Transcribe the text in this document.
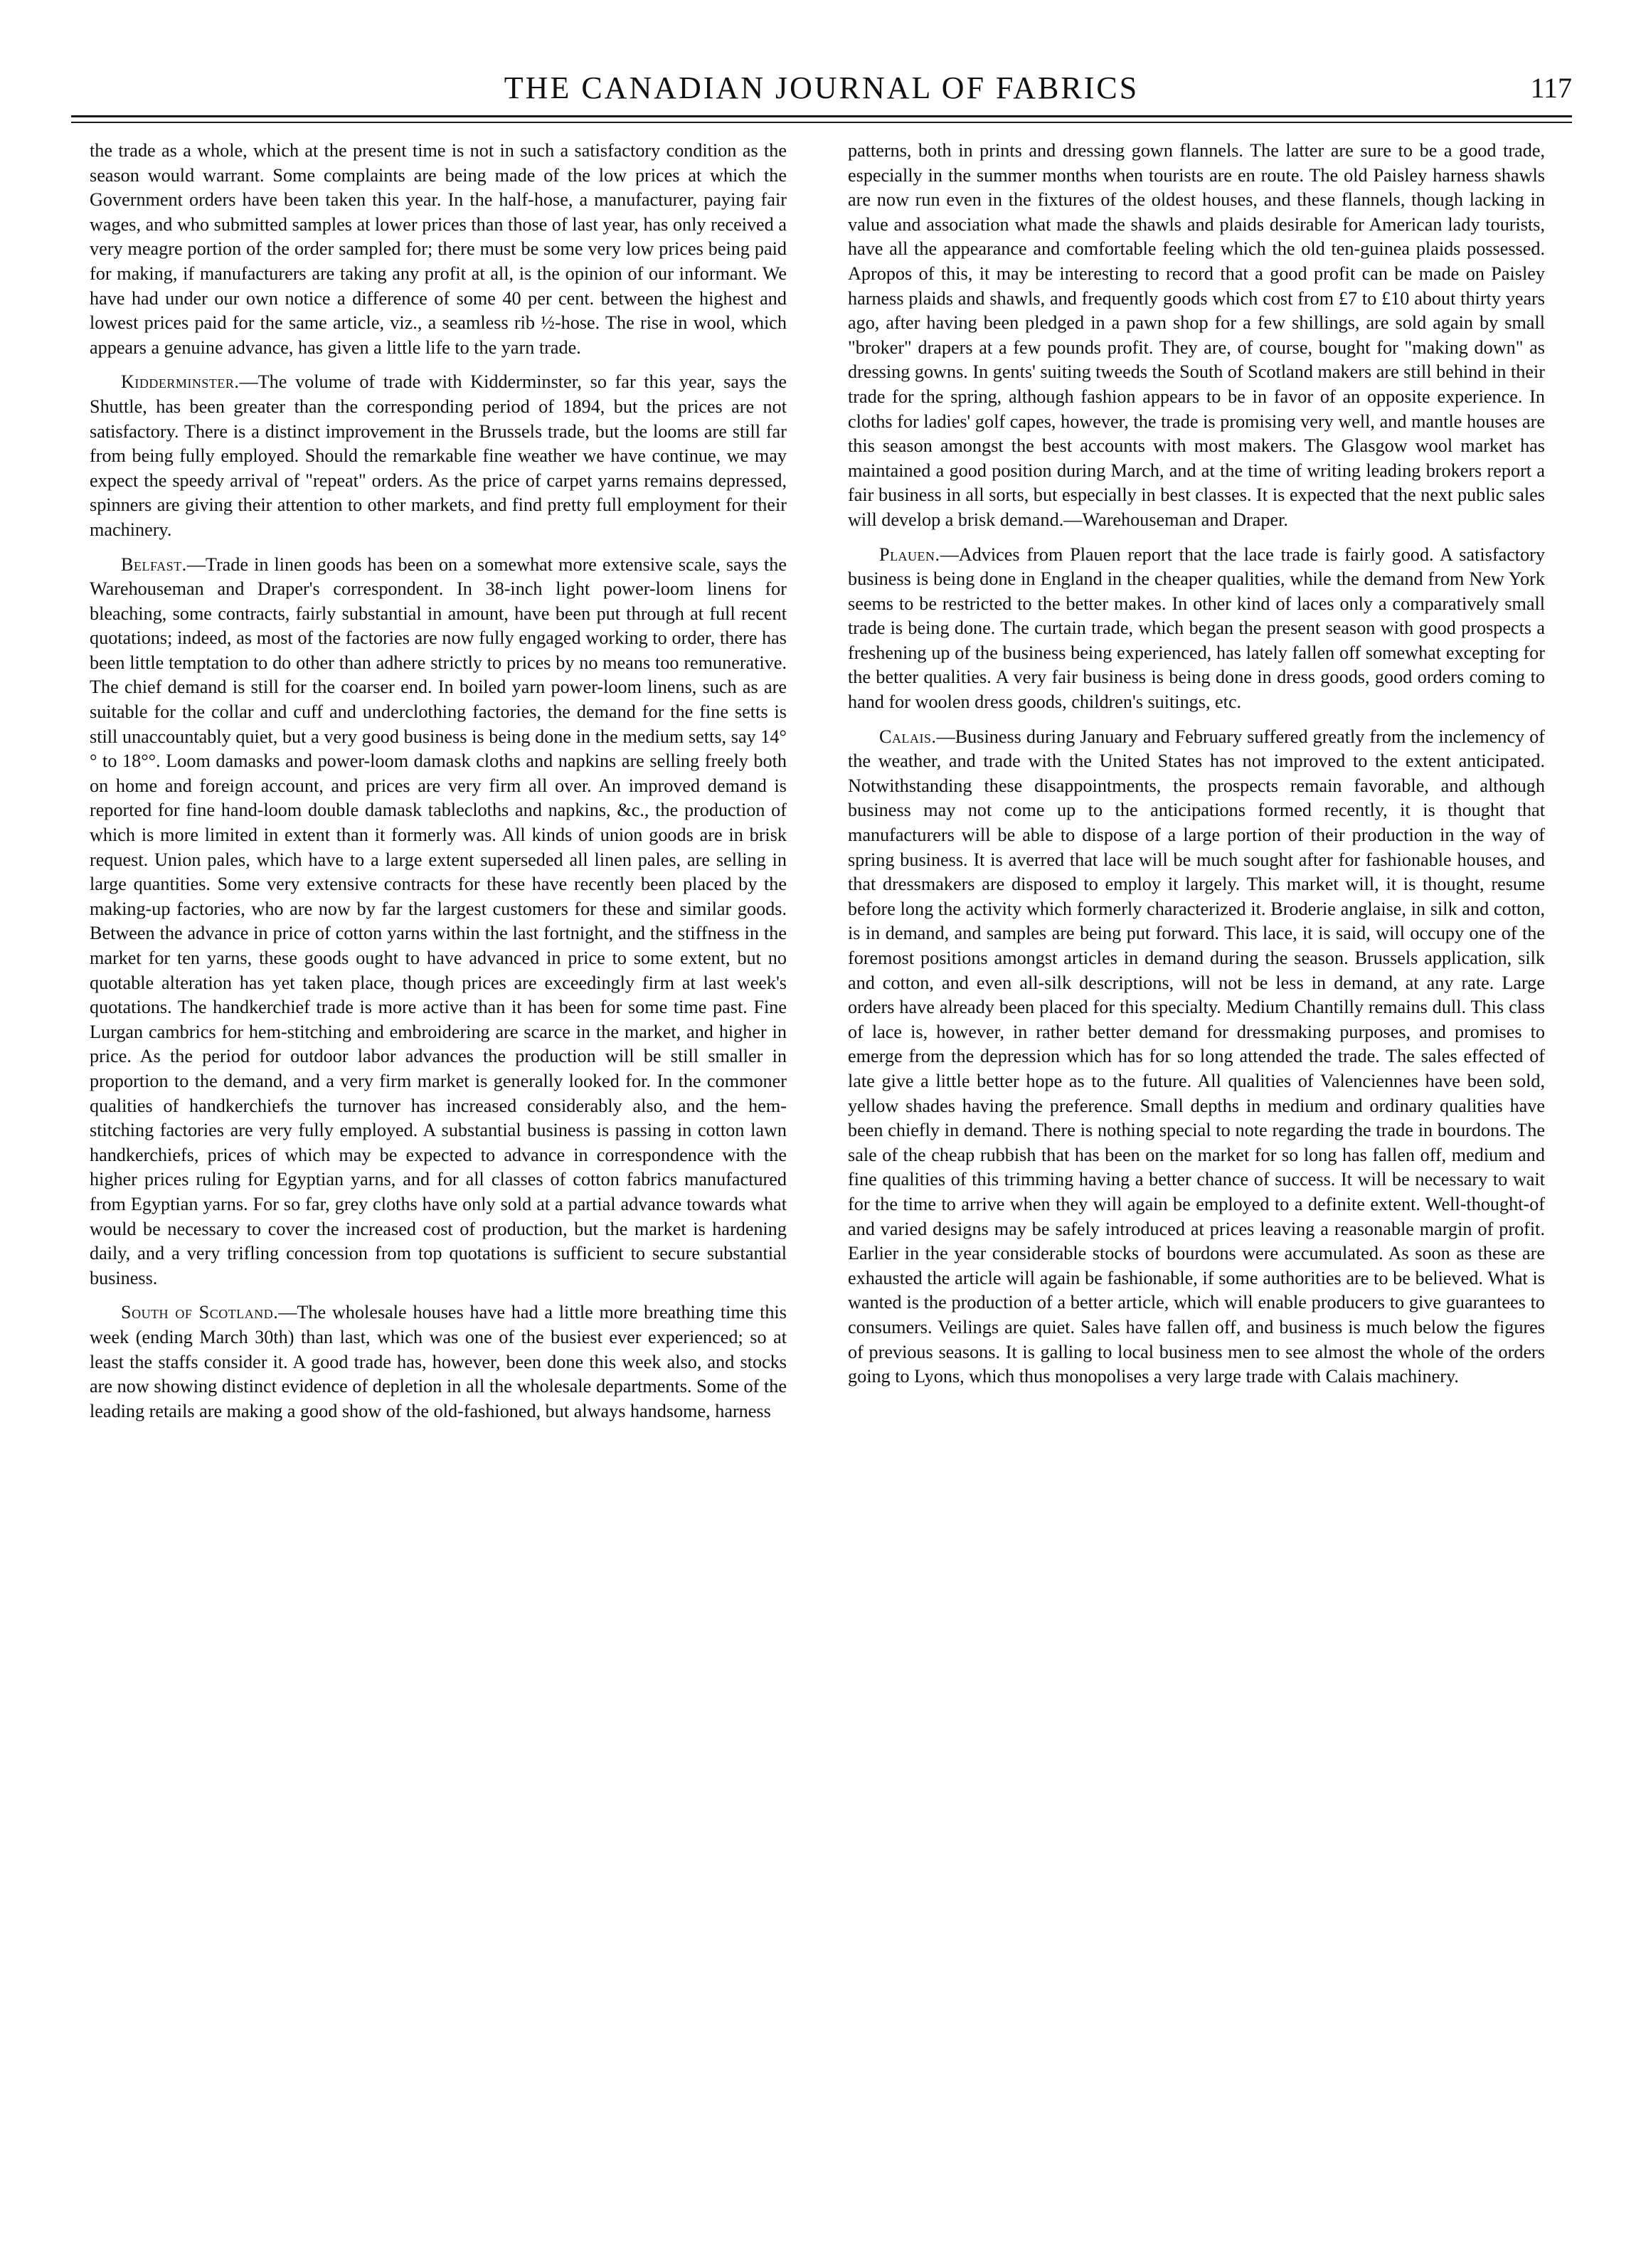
THE CANADIAN JOURNAL OF FABRICS	117

the trade as a whole, which at the present time is not in such a satisfactory condition as the season would warrant. Some complaints are being made of the low prices at which the Government orders have been taken this year. In the half-hose, a manufacturer, paying fair wages, and who submitted samples at lower prices than those of last year, has only received a very meagre portion of the order sampled for; there must be some very low prices being paid for making, if manufacturers are taking any profit at all, is the opinion of our informant. We have had under our own notice a difference of some 40 per cent. between the highest and lowest prices paid for the same article, viz., a seamless rib ½-hose. The rise in wool, which appears a genuine advance, has given a little life to the yarn trade.

Kidderminster.—The volume of trade with Kidderminster, so far this year, says the Shuttle, has been greater than the corresponding period of 1894, but the prices are not satisfactory. There is a distinct improvement in the Brussels trade, but the looms are still far from being fully employed. Should the remarkable fine weather we have continue, we may expect the speedy arrival of "repeat" orders. As the price of carpet yarns remains depressed, spinners are giving their attention to other markets, and find pretty full employment for their machinery.

Belfast.—Trade in linen goods has been on a somewhat more extensive scale, says the Warehouseman and Draper's correspondent. In 38-inch light power-loom linens for bleaching, some contracts, fairly substantial in amount, have been put through at full recent quotations; indeed, as most of the factories are now fully engaged working to order, there has been little temptation to do other than adhere strictly to prices by no means too remunerative. The chief demand is still for the coarser end. In boiled yarn power-loom linens, such as are suitable for the collar and cuff and underclothing factories, the demand for the fine setts is still unaccountably quiet, but a very good business is being done in the medium setts, say 14°° to 18°°. Loom damasks and power-loom damask cloths and napkins are selling freely both on home and foreign account, and prices are very firm all over. An improved demand is reported for fine hand-loom double damask tablecloths and napkins, &c., the production of which is more limited in extent than it formerly was. All kinds of union goods are in brisk request. Union pales, which have to a large extent superseded all linen pales, are selling in large quantities. Some very extensive contracts for these have recently been placed by the making-up factories, who are now by far the largest customers for these and similar goods. Between the advance in price of cotton yarns within the last fortnight, and the stiffness in the market for ten yarns, these goods ought to have advanced in price to some extent, but no quotable alteration has yet taken place, though prices are exceedingly firm at last week's quotations. The handkerchief trade is more active than it has been for some time past. Fine Lurgan cambrics for hem-stitching and embroidering are scarce in the market, and higher in price. As the period for outdoor labor advances the production will be still smaller in proportion to the demand, and a very firm market is generally looked for. In the commoner qualities of handkerchiefs the turnover has increased considerably also, and the hem-stitching factories are very fully employed. A substantial business is passing in cotton lawn handkerchiefs, prices of which may be expected to advance in correspondence with the higher prices ruling for Egyptian yarns, and for all classes of cotton fabrics manufactured from Egyptian yarns. For so far, grey cloths have only sold at a partial advance towards what would be necessary to cover the increased cost of production, but the market is hardening daily, and a very trifling concession from top quotations is sufficient to secure substantial business.

South of Scotland.—The wholesale houses have had a little more breathing time this week (ending March 30th) than last, which was one of the busiest ever experienced; so at least the staffs consider it. A good trade has, however, been done this week also, and stocks are now showing distinct evidence of depletion in all the wholesale departments. Some of the leading retails are making a good show of the old-fashioned, but always handsome, harness

patterns, both in prints and dressing gown flannels. The latter are sure to be a good trade, especially in the summer months when tourists are en route. The old Paisley harness shawls are now run even in the fixtures of the oldest houses, and these flannels, though lacking in value and association what made the shawls and plaids desirable for American lady tourists, have all the appearance and comfortable feeling which the old ten-guinea plaids possessed. Apropos of this, it may be interesting to record that a good profit can be made on Paisley harness plaids and shawls, and frequently goods which cost from £7 to £10 about thirty years ago, after having been pledged in a pawn shop for a few shillings, are sold again by small "broker" drapers at a few pounds profit. They are, of course, bought for "making down" as dressing gowns. In gents' suiting tweeds the South of Scotland makers are still behind in their trade for the spring, although fashion appears to be in favor of an opposite experience. In cloths for ladies' golf capes, however, the trade is promising very well, and mantle houses are this season amongst the best accounts with most makers. The Glasgow wool market has maintained a good position during March, and at the time of writing leading brokers report a fair business in all sorts, but especially in best classes. It is expected that the next public sales will develop a brisk demand.—Warehouseman and Draper.

Plauen.—Advices from Plauen report that the lace trade is fairly good. A satisfactory business is being done in England in the cheaper qualities, while the demand from New York seems to be restricted to the better makes. In other kind of laces only a comparatively small trade is being done. The curtain trade, which began the present season with good prospects a freshening up of the business being experienced, has lately fallen off somewhat excepting for the better qualities. A very fair business is being done in dress goods, good orders coming to hand for woolen dress goods, children's suitings, etc.

Calais.—Business during January and February suffered greatly from the inclemency of the weather, and trade with the United States has not improved to the extent anticipated. Notwithstanding these disappointments, the prospects remain favorable, and although business may not come up to the anticipations formed recently, it is thought that manufacturers will be able to dispose of a large portion of their production in the way of spring business. It is averred that lace will be much sought after for fashionable houses, and that dressmakers are disposed to employ it largely. This market will, it is thought, resume before long the activity which formerly characterized it. Broderie anglaise, in silk and cotton, is in demand, and samples are being put forward. This lace, it is said, will occupy one of the foremost positions amongst articles in demand during the season. Brussels application, silk and cotton, and even all-silk descriptions, will not be less in demand, at any rate. Large orders have already been placed for this specialty. Medium Chantilly remains dull. This class of lace is, however, in rather better demand for dressmaking purposes, and promises to emerge from the depression which has for so long attended the trade. The sales effected of late give a little better hope as to the future. All qualities of Valenciennes have been sold, yellow shades having the preference. Small depths in medium and ordinary qualities have been chiefly in demand. There is nothing special to note regarding the trade in bourdons. The sale of the cheap rubbish that has been on the market for so long has fallen off, medium and fine qualities of this trimming having a better chance of success. It will be necessary to wait for the time to arrive when they will again be employed to a definite extent. Well-thought-of and varied designs may be safely introduced at prices leaving a reasonable margin of profit. Earlier in the year considerable stocks of bourdons were accumulated. As soon as these are exhausted the article will again be fashionable, if some authorities are to be believed. What is wanted is the production of a better article, which will enable producers to give guarantees to consumers. Veilings are quiet. Sales have fallen off, and business is much below the figures of previous seasons. It is galling to local business men to see almost the whole of the orders going to Lyons, which thus monopolises a very large trade with Calais machinery.
